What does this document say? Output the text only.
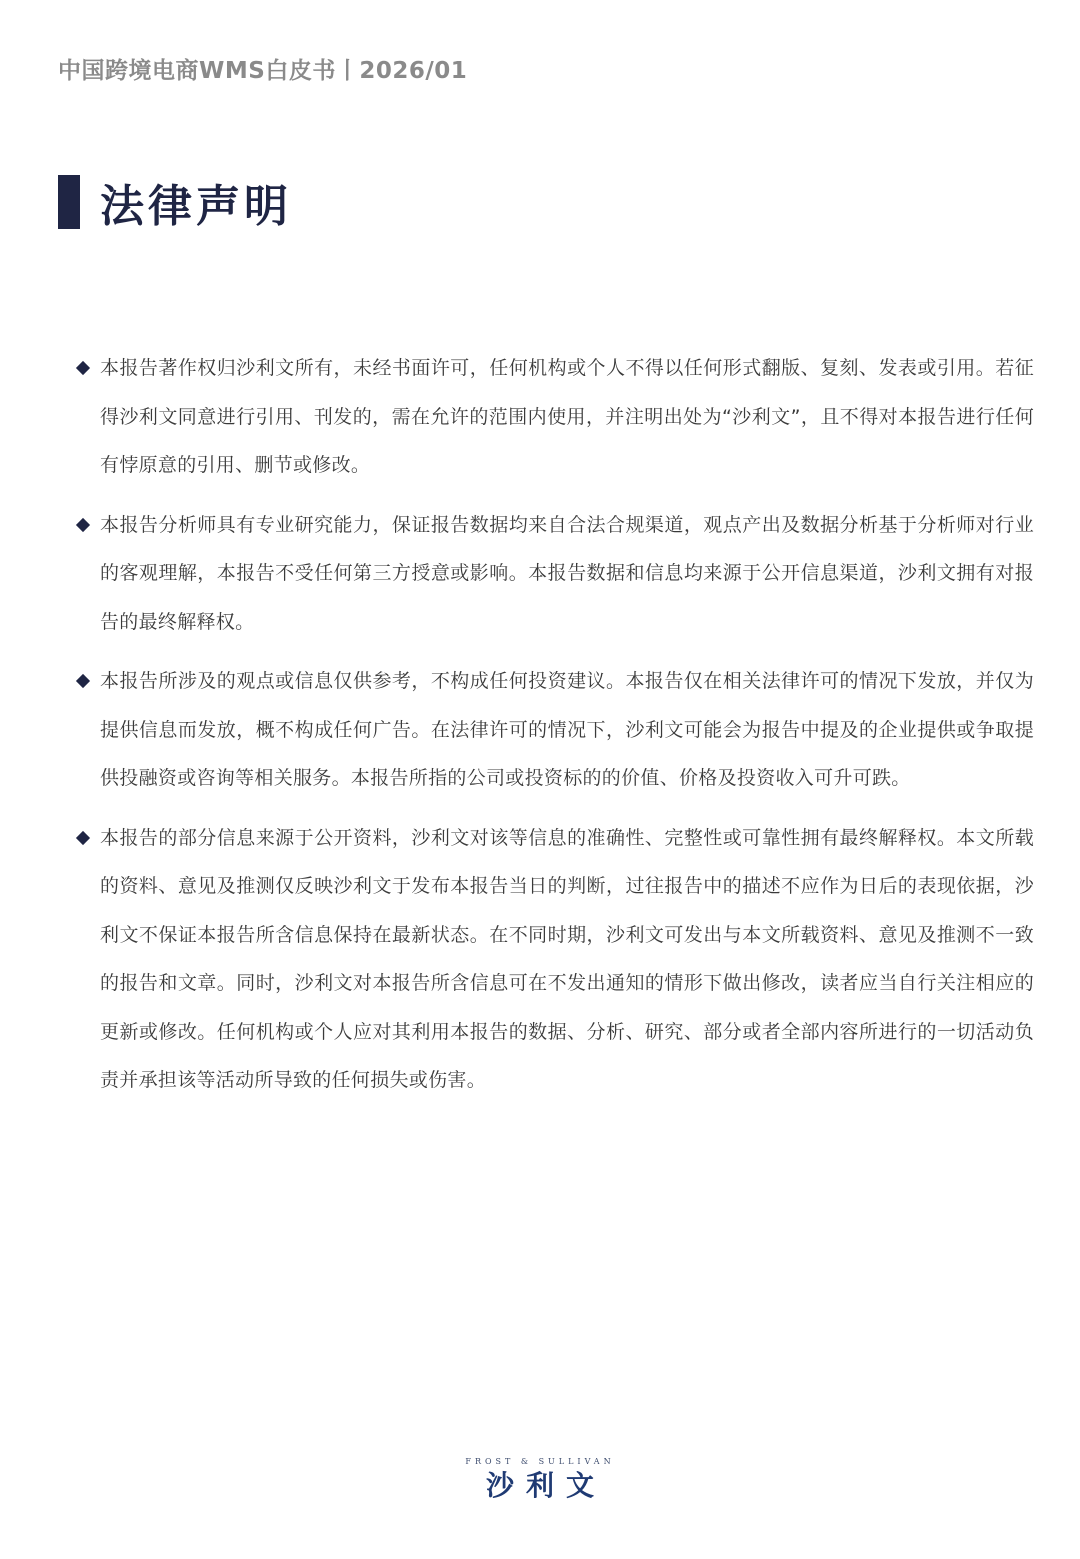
中国跨境电商WMS白皮书丨2026/01
法律声明
本报告著作权归沙利文所有，未经书面许可，任何机构或个人不得以任何形式翻版、复刻、发表或引用。若征得沙利文同意进行引用、刊发的，需在允许的范围内使用，并注明出处为“沙利文”，且不得对本报告进行任何有悖原意的引用、删节或修改。
本报告分析师具有专业研究能力，保证报告数据均来自合法合规渠道，观点产出及数据分析基于分析师对行业的客观理解，本报告不受任何第三方授意或影响。本报告数据和信息均来源于公开信息渠道，沙利文拥有对报告的最终解释权。
本报告所涉及的观点或信息仅供参考，不构成任何投资建议。本报告仅在相关法律许可的情况下发放，并仅为提供信息而发放，概不构成任何广告。在法律许可的情况下，沙利文可能会为报告中提及的企业提供或争取提供投融资或咨询等相关服务。本报告所指的公司或投资标的的价值、价格及投资收入可升可跌。
本报告的部分信息来源于公开资料，沙利文对该等信息的准确性、完整性或可靠性拥有最终解释权。本文所载的资料、意见及推测仅反映沙利文于发布本报告当日的判断，过往报告中的描述不应作为日后的表现依据，沙利文不保证本报告所含信息保持在最新状态。在不同时期，沙利文可发出与本文所载资料、意见及推测不一致的报告和文章。同时，沙利文对本报告所含信息可在不发出通知的情形下做出修改，读者应当自行关注相应的更新或修改。任何机构或个人应对其利用本报告的数据、分析、研究、部分或者全部内容所进行的一切活动负责并承担该等活动所导致的任何损失或伤害。
FROST & SULLIVAN
沙利文
